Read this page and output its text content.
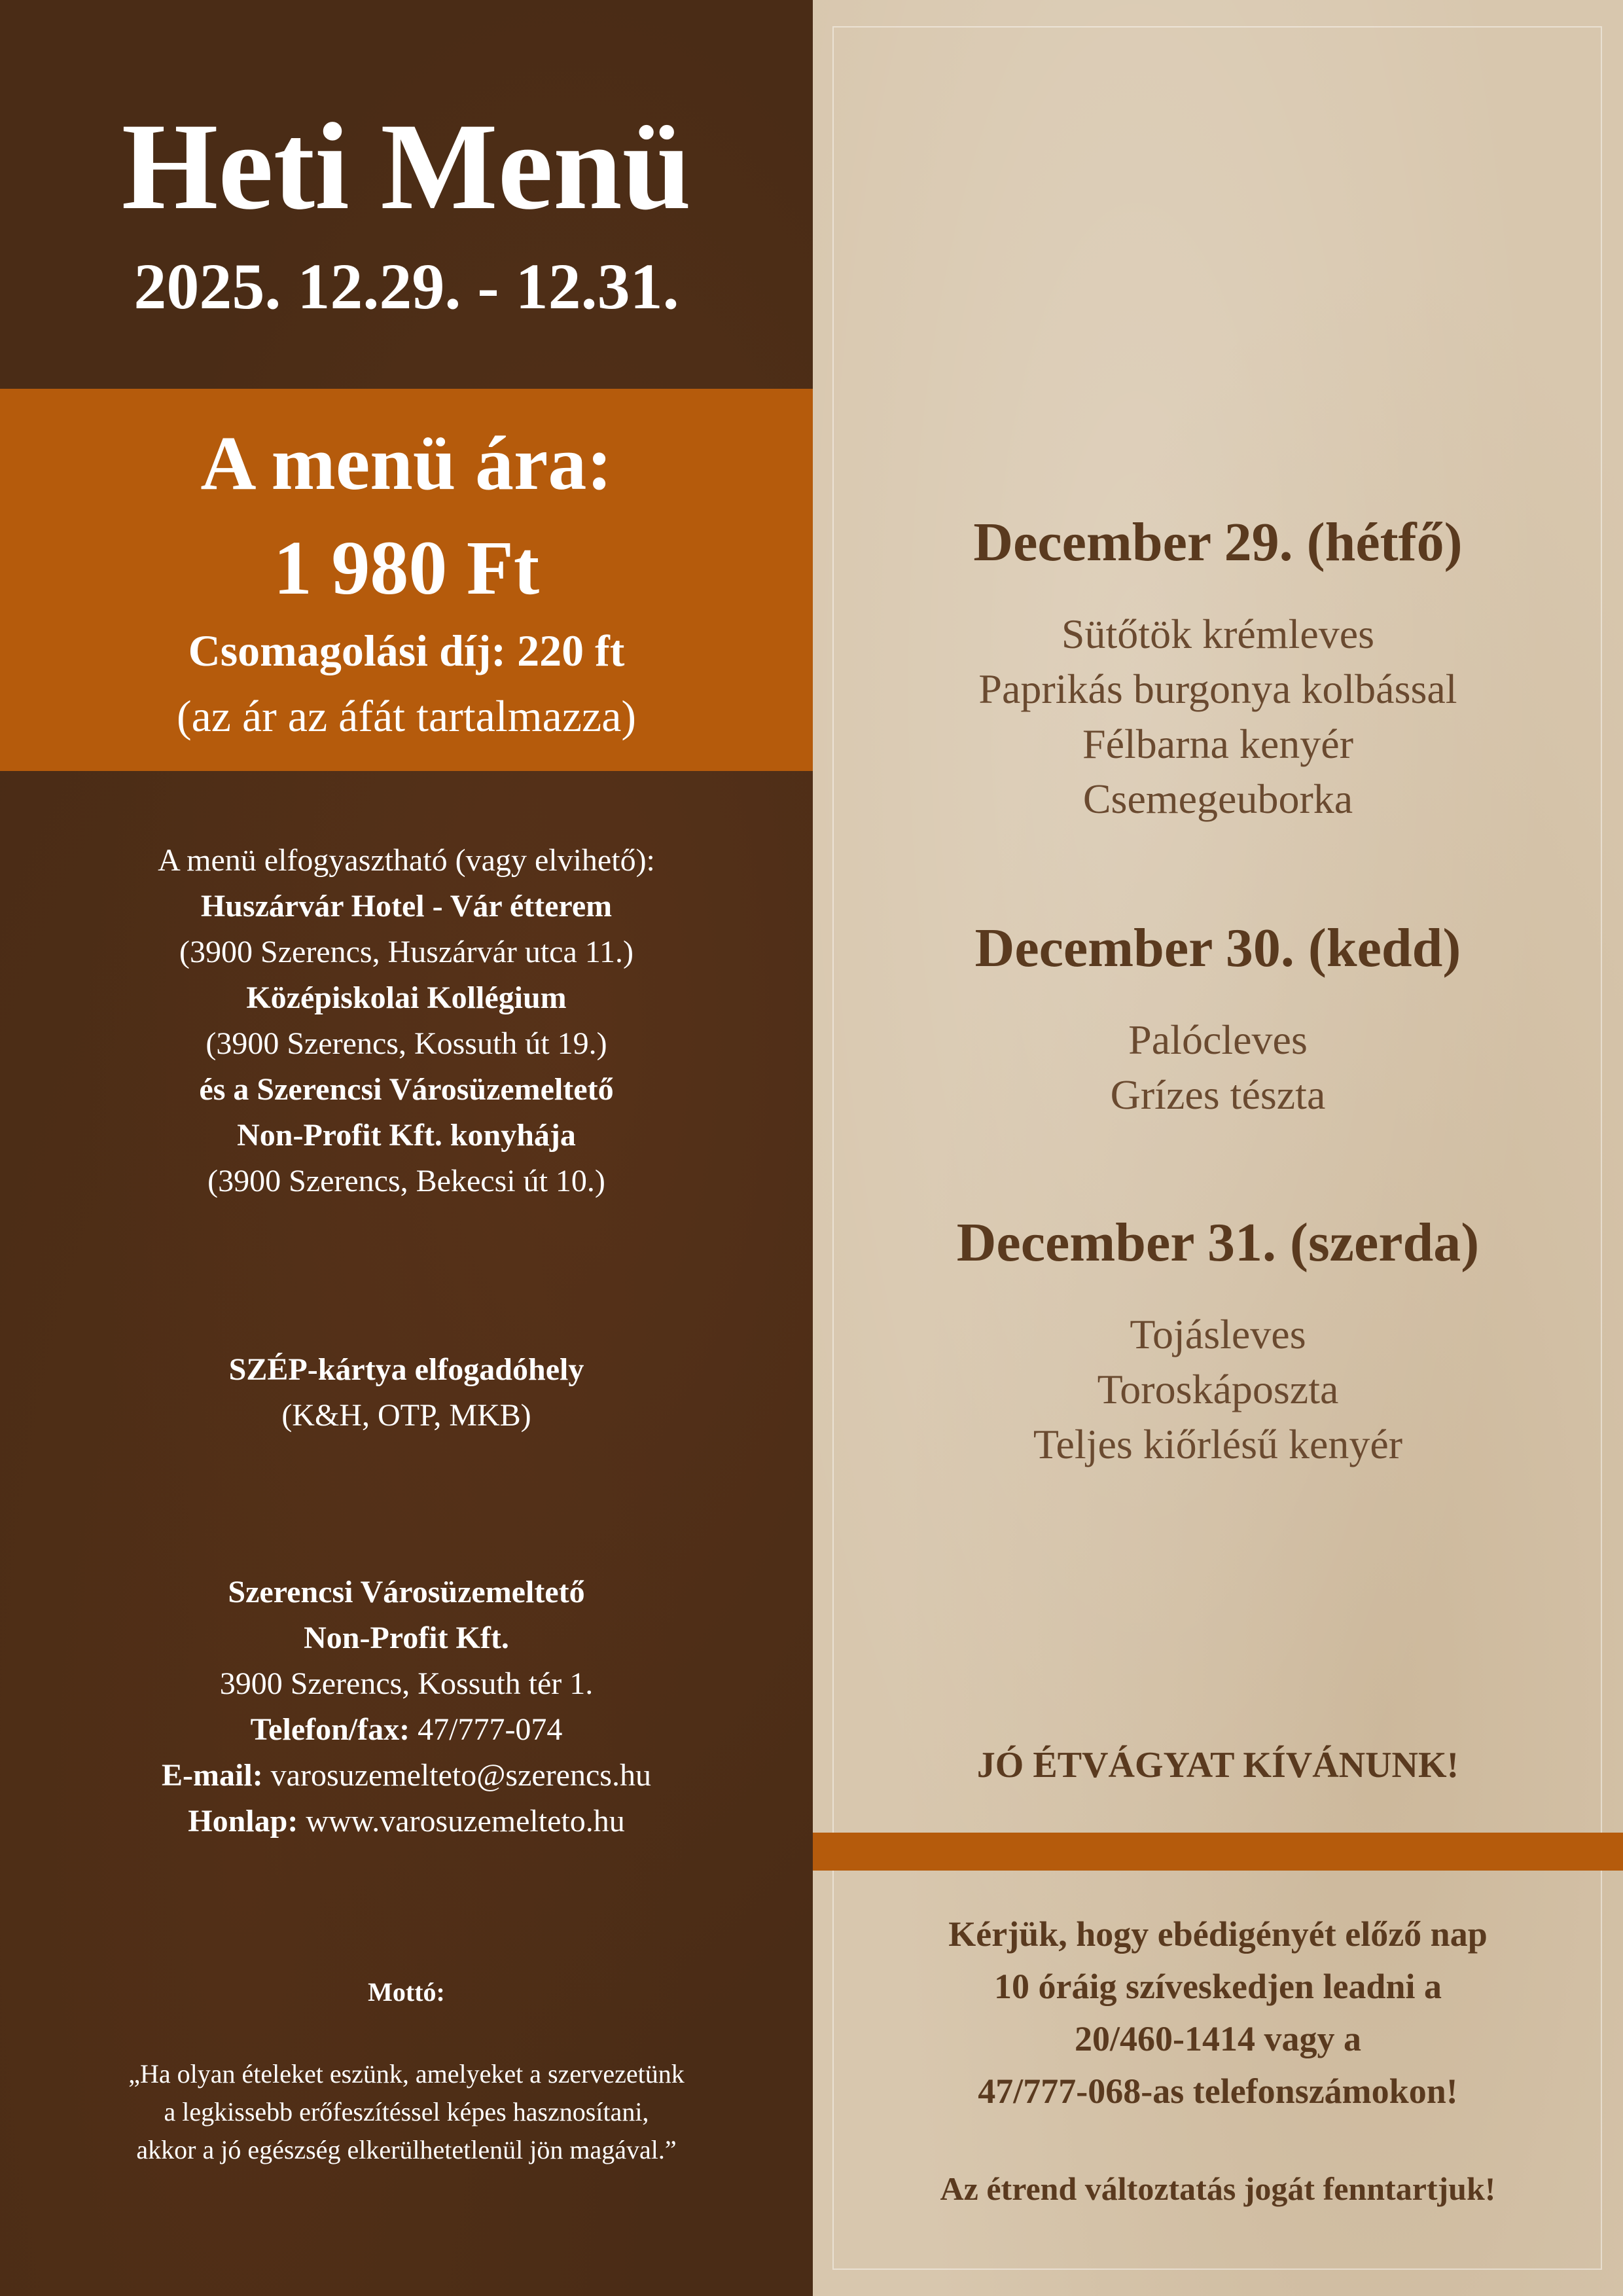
Heti Menü
2025. 12.29. - 12.31.
A menü ára:
1 980 Ft
Csomagolási díj: 220 ft
(az ár az áfát tartalmazza)
A menü elfogyasztható (vagy elvihető):
Huszárvár Hotel - Vár étterem
(3900 Szerencs, Huszárvár utca 11.)
Középiskolai Kollégium
(3900 Szerencs, Kossuth út 19.)
és a Szerencsi Városüzemeltető
Non-Profit Kft. konyhája
(3900 Szerencs, Bekecsi út 10.)
SZÉP-kártya elfogadóhely
(K&H, OTP, MKB)
Szerencsi Városüzemeltető
Non-Profit Kft.
3900 Szerencs, Kossuth tér 1.
Telefon/fax: 47/777-074
E-mail: varosuzemelteto@szerencs.hu
Honlap: www.varosuzemelteto.hu
Mottó:
„Ha olyan ételeket eszünk, amelyeket a szervezetünk
a legkissebb erőfeszítéssel képes hasznosítani,
akkor a jó egészség elkerülhetetlenül jön magával.”
December 29. (hétfő)
Sütőtök krémleves
Paprikás burgonya kolbással
Félbarna kenyér
Csemegeuborka
December 30. (kedd)
Palócleves
Grízes tészta
December 31. (szerda)
Tojásleves
Toroskáposzta
Teljes kiőrlésű kenyér
JÓ ÉTVÁGYAT KÍVÁNUNK!
Kérjük, hogy ebédigényét előző nap
10 óráig szíveskedjen leadni a
20/460-1414 vagy a
47/777-068-as telefonszámokon!
Az étrend változtatás jogát fenntartjuk!
